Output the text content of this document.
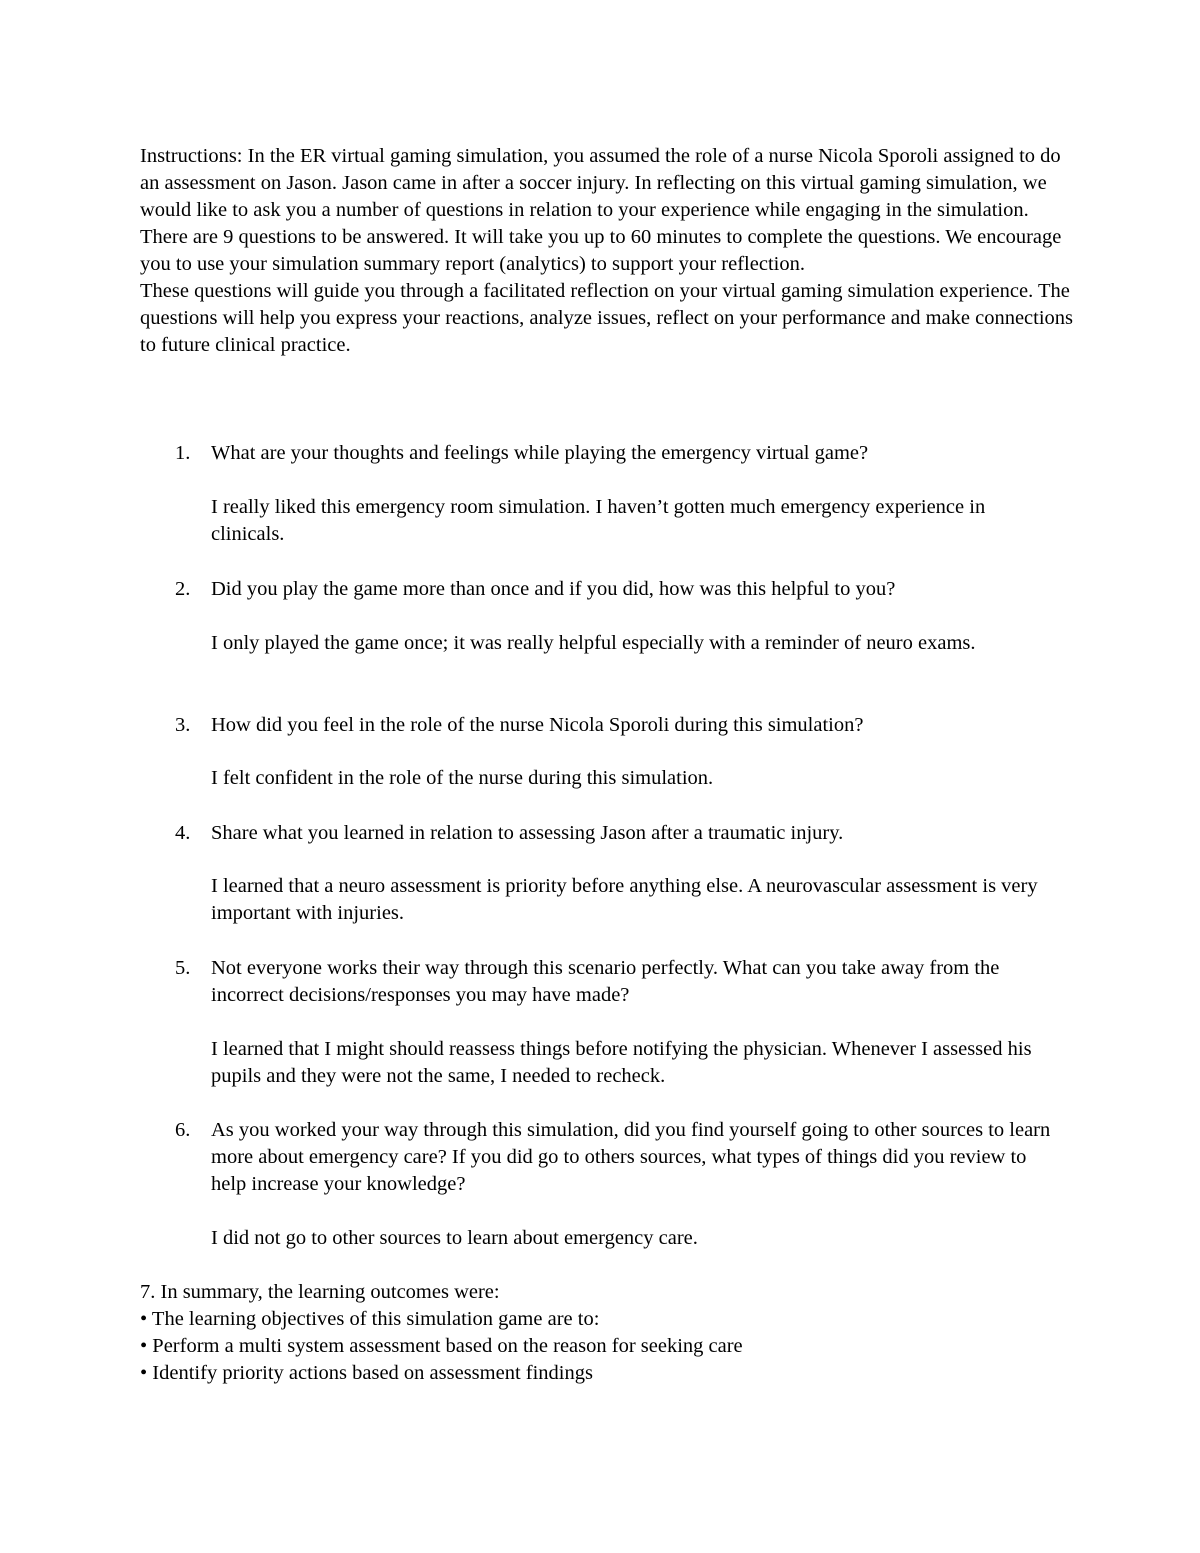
Instructions: In the ER virtual gaming simulation, you assumed the role of a nurse Nicola Sporoli assigned to do an assessment on Jason. Jason came in after a soccer injury. In reflecting on this virtual gaming simulation, we would like to ask you a number of questions in relation to your experience while engaging in the simulation.

There are 9 questions to be answered. It will take you up to 60 minutes to complete the questions. We encourage you to use your simulation summary report (analytics) to support your reflection.

These questions will guide you through a facilitated reflection on your virtual gaming simulation experience. The questions will help you express your reactions, analyze issues, reflect on your performance and make connections to future clinical practice.

1.	What are your thoughts and feelings while playing the emergency virtual game?

I really liked this emergency room simulation. I haven’t gotten much emergency experience in clinicals.

2.	Did you play the game more than once and if you did, how was this helpful to you?

I only played the game once; it was really helpful especially with a reminder of neuro exams.

3.	How did you feel in the role of the nurse Nicola Sporoli during this simulation?

I felt confident in the role of the nurse during this simulation.

4.	Share what you learned in relation to assessing Jason after a traumatic injury.

I learned that a neuro assessment is priority before anything else. A neurovascular assessment is very important with injuries.

5.	Not everyone works their way through this scenario perfectly. What can you take away from the incorrect decisions/responses you may have made?

I learned that I might should reassess things before notifying the physician. Whenever I assessed his pupils and they were not the same, I needed to recheck.

6.	As you worked your way through this simulation, did you find yourself going to other sources to learn more about emergency care? If you did go to others sources, what types of things did you review to help increase your knowledge?

I did not go to other sources to learn about emergency care.

7. In summary, the learning outcomes were:

• The learning objectives of this simulation game are to:

• Perform a multi system assessment based on the reason for seeking care

• Identify priority actions based on assessment findings
